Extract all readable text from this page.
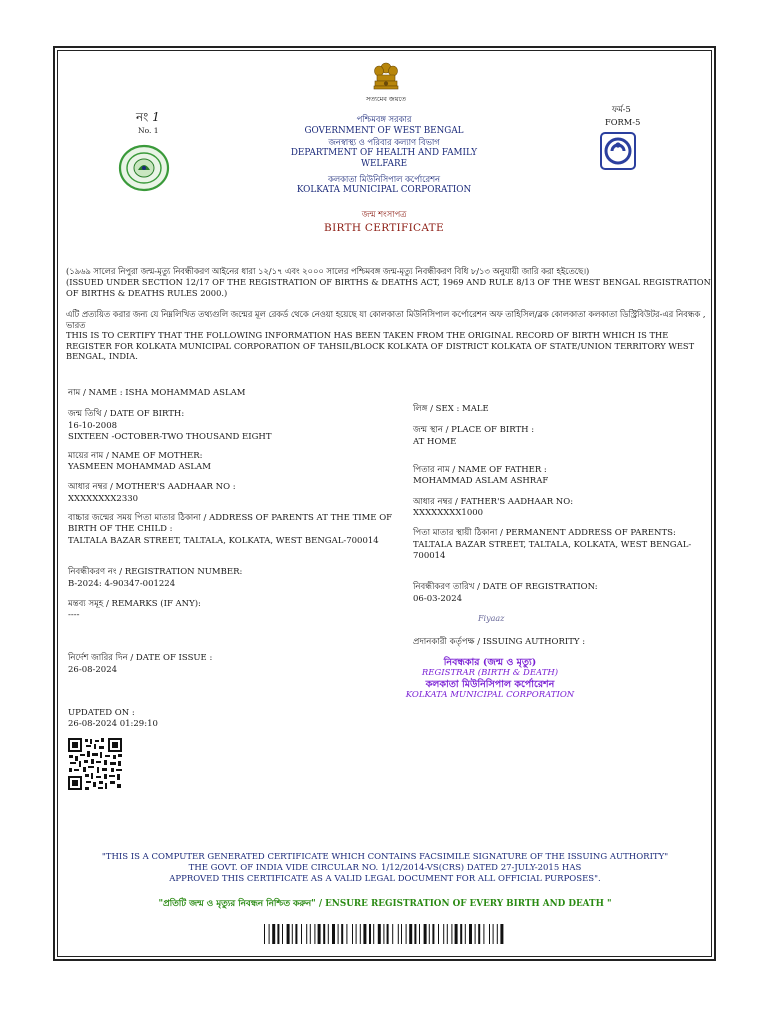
সত্যমেব জয়তে
নং 1
No. 1
ফর্ম-5
FORM-5
পশ্চিমবঙ্গ সরকার
GOVERNMENT OF WEST BENGAL
জনস্বাস্থ্য ও পরিবার কল্যাণ বিভাগ
DEPARTMENT OF HEALTH AND FAMILY WELFARE
কলকাতা মিউনিসিপাল কর্পোরেশন
KOLKATA MUNICIPAL CORPORATION
জন্ম শংসাপত্র
BIRTH CERTIFICATE
(১৯৬৯ সালের নিপুরা জন্ম-মৃত্যু নিবন্ধীকরণ আইনের ধারা ১২/১৭ এবং ২০০০ সালের পশ্চিমবঙ্গ জন্ম-মৃত্যু নিবন্ধীকরণ বিধি ৮/১৩ অনুযায়ী জারি করা হইতেছে।)
(ISSUED UNDER SECTION 12/17 OF THE REGISTRATION OF BIRTHS & DEATHS ACT, 1969 AND RULE 8/13 OF THE WEST BENGAL REGISTRATION OF BIRTHS & DEATHS RULES 2000.)
এটি প্রত্যয়িত করার জন্য যে নিম্নলিখিত তথ্যগুলি জন্মের মূল রেকর্ড থেকে নেওয়া হয়েছে যা কোলকাতা মিউনিসিপাল কর্পোরেশন অফ তাহিসিল/ব্লক কোলকাতা কলকাতা ডিস্ট্রিবিউটর-এর নিবন্ধক , ভারত
THIS IS TO CERTIFY THAT THE FOLLOWING INFORMATION HAS BEEN TAKEN FROM THE ORIGINAL RECORD OF BIRTH WHICH IS THE REGISTER FOR KOLKATA MUNICIPAL CORPORATION OF TAHSIL/BLOCK KOLKATA OF DISTRICT KOLKATA OF STATE/UNION TERRITORY WEST BENGAL, INDIA.
নাম / NAME : ISHA MOHAMMAD ASLAM
জন্ম তিথি / DATE OF BIRTH:
16-10-2008
SIXTEEN -OCTOBER-TWO THOUSAND EIGHT
মায়ের নাম / NAME OF MOTHER:
YASMEEN MOHAMMAD ASLAM
আধার নম্বর / MOTHER'S AADHAAR NO :
XXXXXXXX2330
বাচ্চার জন্মের সময় পিতা মাতার ঠিকানা / ADDRESS OF PARENTS AT THE TIME OF BIRTH OF THE CHILD :
TALTALA BAZAR STREET, TALTALA, KOLKATA, WEST BENGAL-700014
নিবন্ধীকরণ নং / REGISTRATION NUMBER:
B-2024: 4-90347-001224
মন্তব্য সমূহ / REMARKS (IF ANY):
----
নির্দেশ জারির দিন / DATE OF ISSUE :
26-08-2024
UPDATED ON :
26-08-2024 01:29:10
লিঙ্গ / SEX : MALE
জন্ম স্থান / PLACE OF BIRTH :
AT HOME
পিতার নাম / NAME OF FATHER :
MOHAMMAD ASLAM ASHRAF
আধার নম্বর / FATHER'S AADHAAR NO:
XXXXXXXX1000
পিতা মাতার স্থায়ী ঠিকানা / PERMANENT ADDRESS OF PARENTS:
TALTALA BAZAR STREET, TALTALA, KOLKATA, WEST BENGAL-700014
নিবন্ধীকরণ তারিখ / DATE OF REGISTRATION:
06-03-2024
Fiyaaz
প্রদানকারী কর্তৃপক্ষ / ISSUING AUTHORITY :
নিবন্ধকার (জন্ম ও মৃত্যু)
REGISTRAR (BIRTH & DEATH)
কলকাতা মিউনিসিপাল কর্পোরেশন
KOLKATA MUNICIPAL CORPORATION
"THIS IS A COMPUTER GENERATED CERTIFICATE WHICH CONTAINS FACSIMILE SIGNATURE OF THE ISSUING AUTHORITY"
THE GOVT. OF INDIA VIDE CIRCULAR NO. 1/12/2014-VS(CRS) DATED 27-JULY-2015 HAS
APPROVED THIS CERTIFICATE AS A VALID LEGAL DOCUMENT FOR ALL OFFICIAL PURPOSES".
"প্রতিটি জন্ম ও মৃত্যুর নিবন্ধন নিশ্চিত করুন" / ENSURE REGISTRATION OF EVERY BIRTH AND DEATH "
